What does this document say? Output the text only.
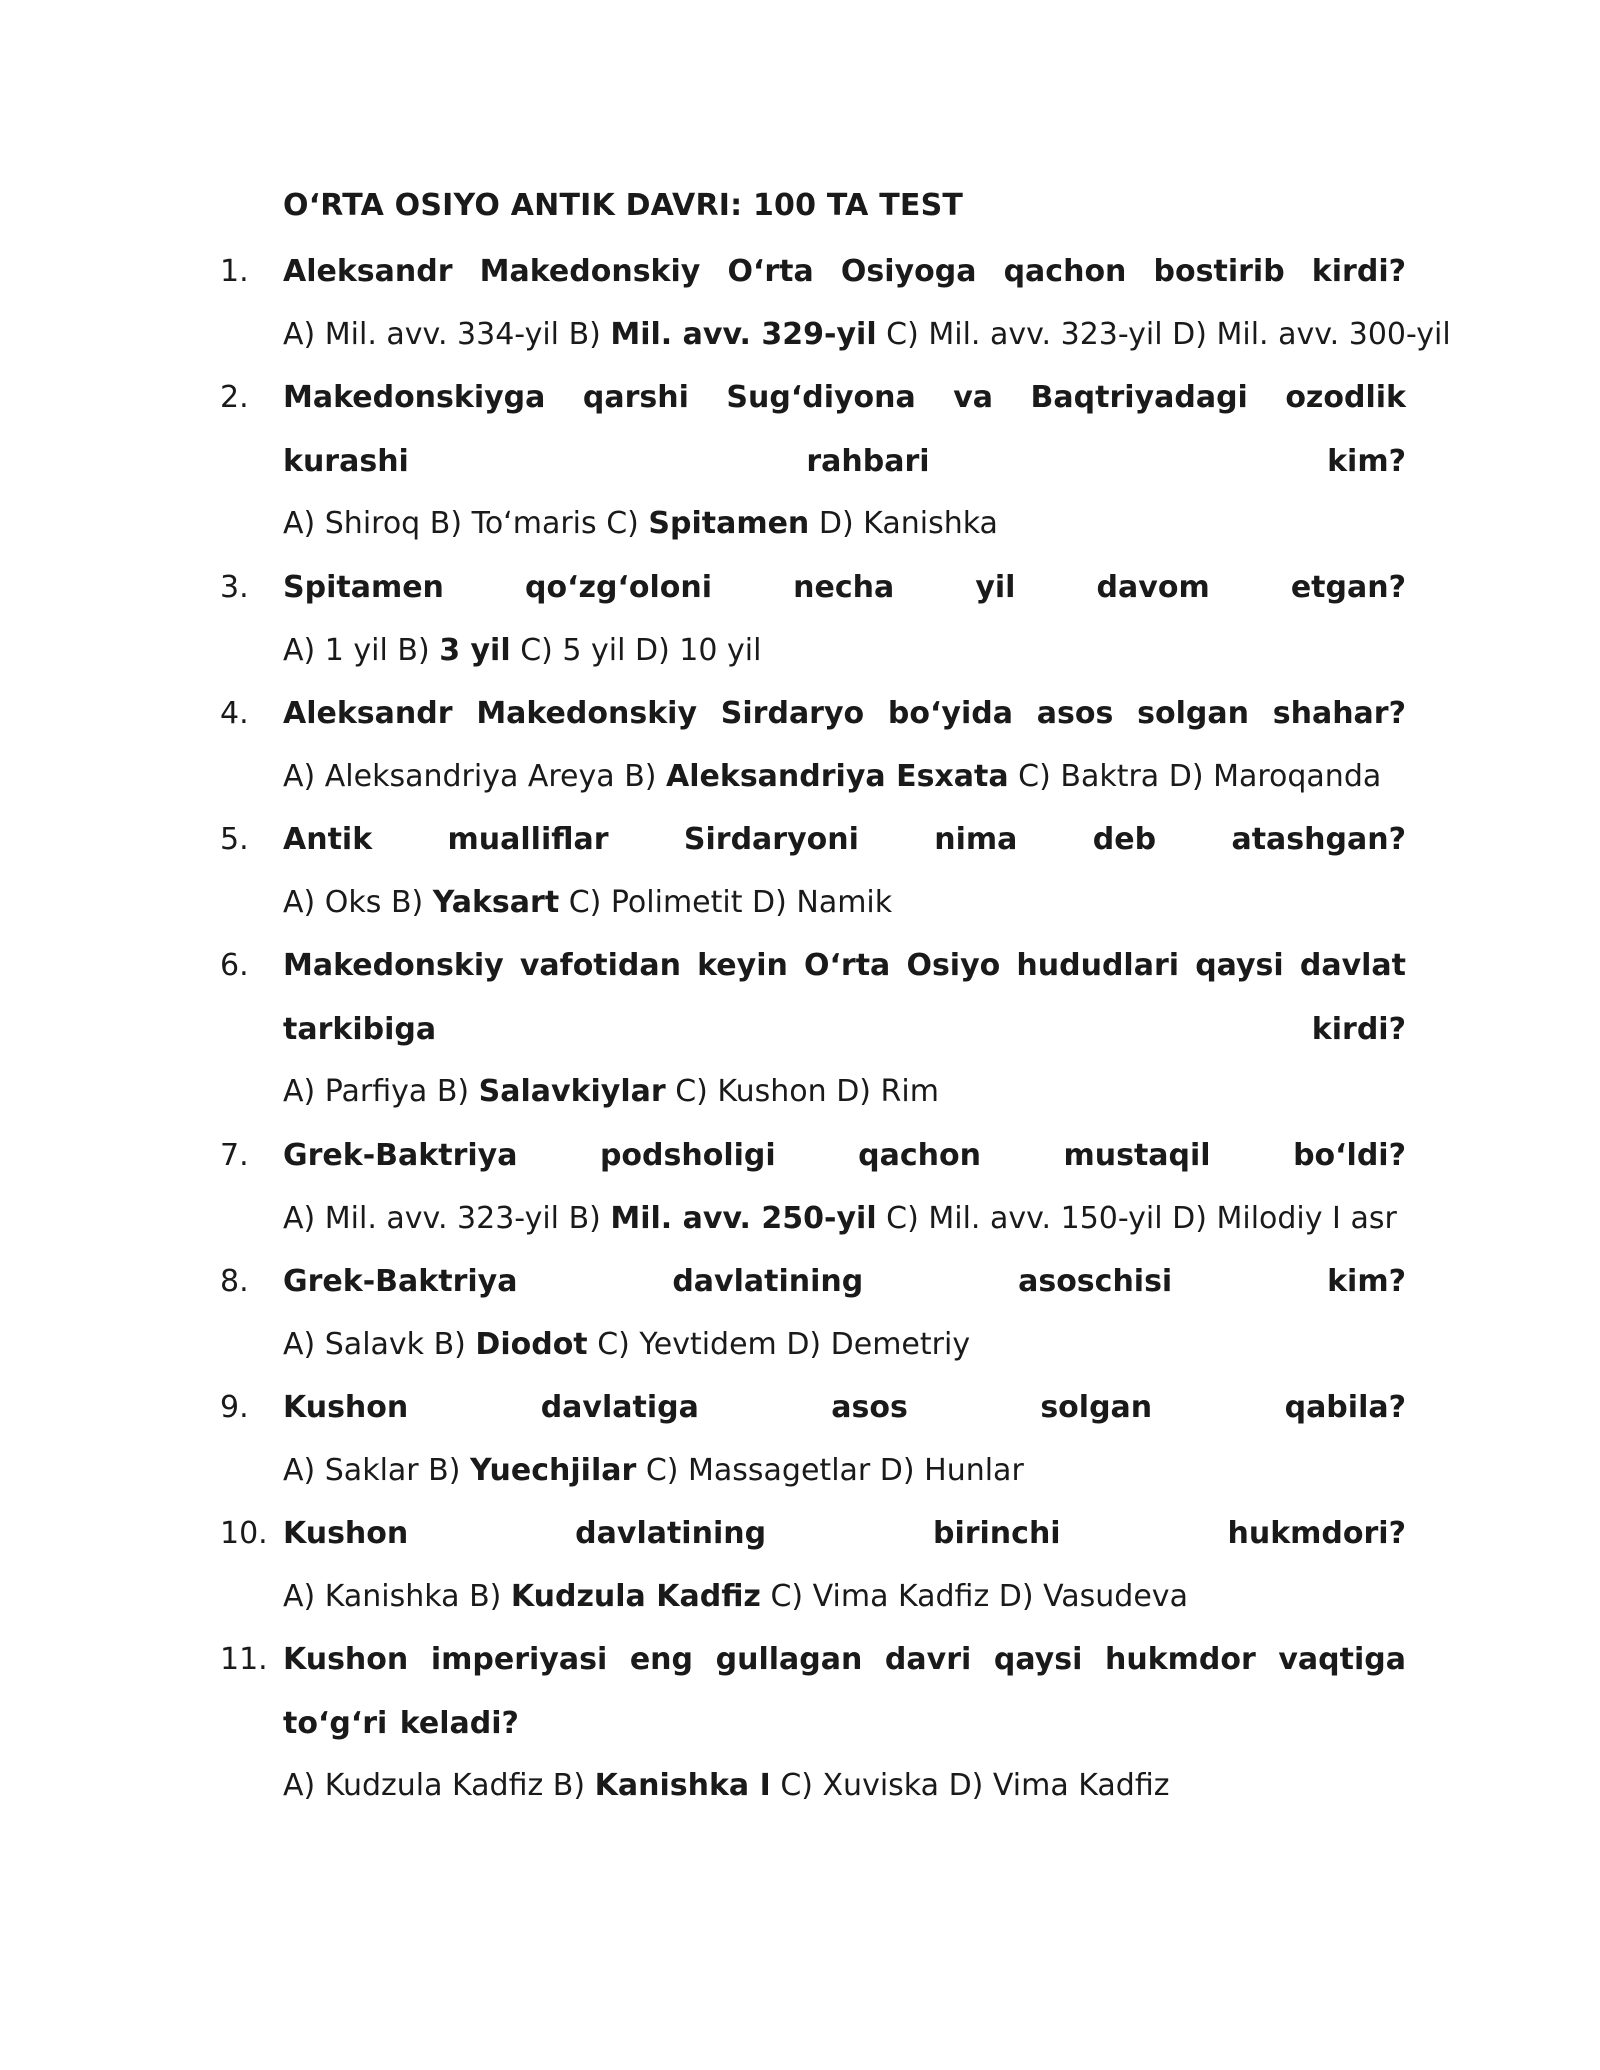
O‘RTA OSIYO ANTIK DAVRI: 100 TA TEST
1.	Aleksandr Makedonskiy O‘rta Osiyoga qachon bostirib kirdi?
A) Mil. avv. 334-yil B) Mil. avv. 329-yil C) Mil. avv. 323-yil D) Mil. avv. 300-yil
2.	Makedonskiyga qarshi Sug‘diyona va Baqtriyadagi ozodlik kurashi rahbari kim?
A) Shiroq B) To‘maris C) Spitamen D) Kanishka
3.	Spitamen qo‘zg‘oloni necha yil davom etgan?
A) 1 yil B) 3 yil C) 5 yil D) 10 yil
4.	Aleksandr Makedonskiy Sirdaryo bo‘yida asos solgan shahar?
A) Aleksandriya Areya B) Aleksandriya Esxata C) Baktra D) Maroqanda
5.	Antik mualliflar Sirdaryoni nima deb atashgan?
A) Oks B) Yaksart C) Polimetit D) Namik
6.	Makedonskiy vafotidan keyin O‘rta Osiyo hududlari qaysi davlat tarkibiga kirdi?
A) Parfiya B) Salavkiylar C) Kushon D) Rim
7.	Grek-Baktriya podsholigi qachon mustaqil bo‘ldi?
A) Mil. avv. 323-yil B) Mil. avv. 250-yil C) Mil. avv. 150-yil D) Milodiy I asr
8.	Grek-Baktriya davlatining asoschisi kim?
A) Salavk B) Diodot C) Yevtidem D) Demetriy
9.	Kushon davlatiga asos solgan qabila?
A) Saklar B) Yuechjilar C) Massagetlar D) Hunlar
10. Kushon davlatining birinchi hukmdori?
A) Kanishka B) Kudzula Kadfiz C) Vima Kadfiz D) Vasudeva
11. Kushon imperiyasi eng gullagan davri qaysi hukmdor vaqtiga to‘g‘ri keladi?
A) Kudzula Kadfiz B) Kanishka I C) Xuviska D) Vima Kadfiz
